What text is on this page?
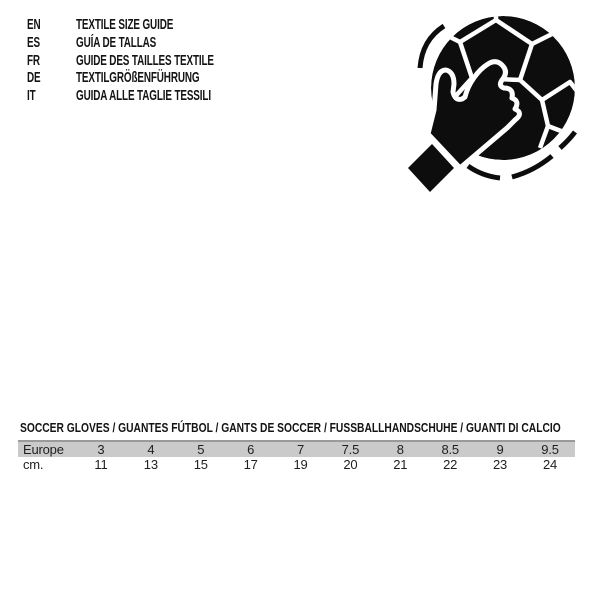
EN	TEXTILE SIZE GUIDE
ES	GUÍA DE TALLAS
FR	GUIDE DES TAILLES TEXTILE
DE	TEXTILGRÖßENFÜHRUNG
IT	GUIDA ALLE TAGLIE TESSILI
SOCCER GLOVES / GUANTES FÚTBOL / GANTS DE SOCCER / FUSSBALLHANDSCHUHE / GUANTI DI CALCIO
Europe	3	4	5	6	7	7.5	8	8.5	9	9.5
cm.	11	13	15	17	19	20	21	22	23	24
